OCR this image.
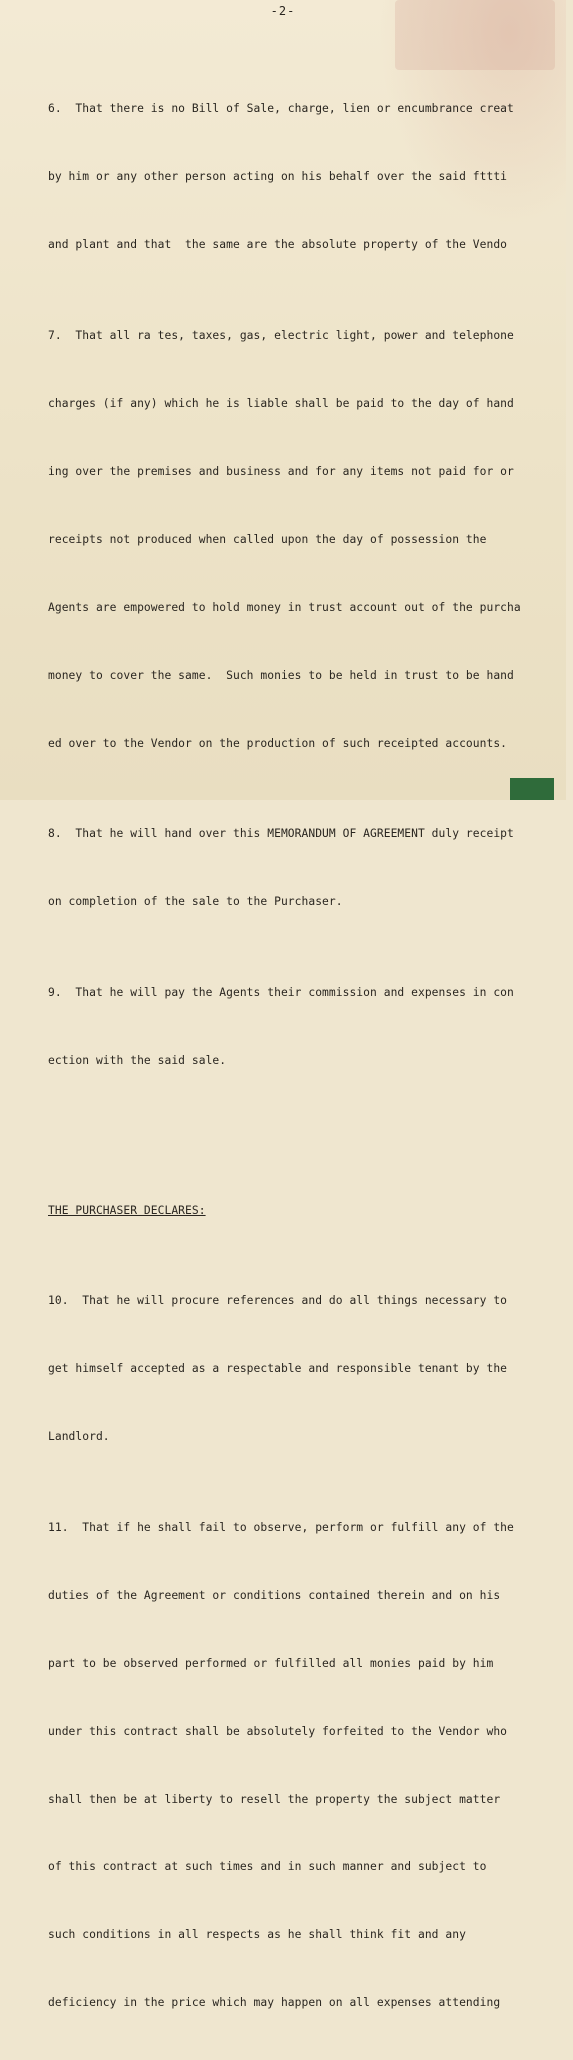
-2-

6.  That there is no Bill of Sale, charge, lien or encumbrance creat

by him or any other person acting on his behalf over the said fttti

and plant and that  the same are the absolute property of the Vendo

7.  That all ra tes, taxes, gas, electric light, power and telephone

charges (if any) which he is liable shall be paid to the day of hand

ing over the premises and business and for any items not paid for or

receipts not produced when called upon the day of possession the

Agents are empowered to hold money in trust account out of the purcha

money to cover the same.  Such monies to be held in trust to be hand

ed over to the Vendor on the production of such receipted accounts.

8.  That he will hand over this MEMORANDUM OF AGREEMENT duly receipt

on completion of the sale to the Purchaser.

9.  That he will pay the Agents their commission and expenses in con

ection with the said sale.

THE PURCHASER DECLARES:

10.  That he will procure references and do all things necessary to

get himself accepted as a respectable and responsible tenant by the

Landlord.

11.  That if he shall fail to observe, perform or fulfill any of the

duties of the Agreement or conditions contained therein and on his

part to be observed performed or fulfilled all monies paid by him

under this contract shall be absolutely forfeited to the Vendor who

shall then be at liberty to resell the property the subject matter

of this contract at such times and in such manner and subject to

such conditions in all respects as he shall think fit and any

deficiency in the price which may happen on all expenses attending
